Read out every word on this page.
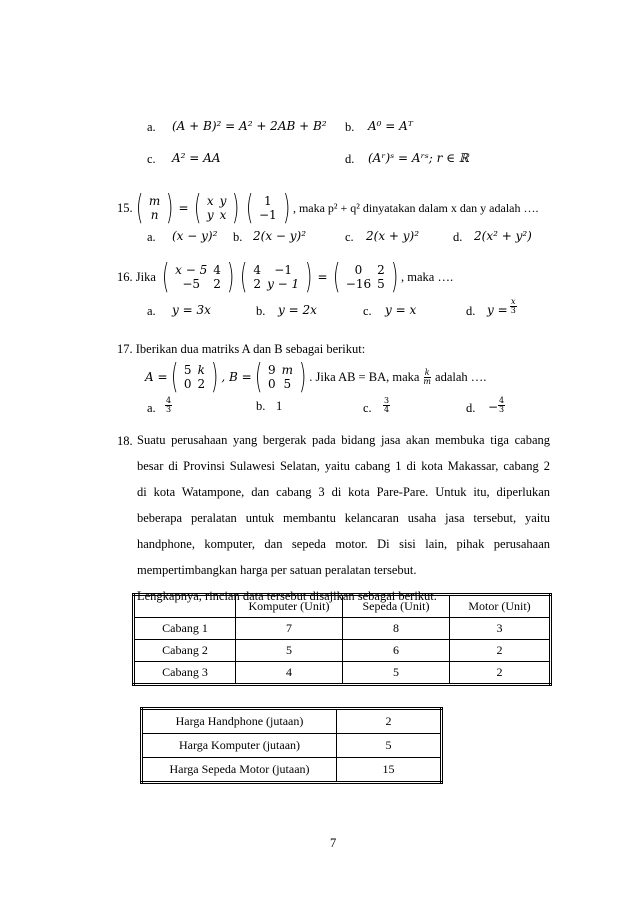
a. (A + B)² = A² + 2AB + B² b. A⁰ = Aᵀ
c. A² = AA	d. (Aʳ)ˢ = Aʳˢ; r ∈ ℝ
15. ( m
n ) = ( x	y
y	x ) ( 1
−1 ) , maka p² + q² dinyatakan dalam x dan y adalah ….
a. (x − y)² b. 2(x − y)²	c. 2(x + y)²	d. 2(x² + y²)
16. Jika ( x − 5	4
−5	2 ) ( 4	−1
2	y − 1 ) = ( 0	2
−16	5 ) , maka ….
a. y = 3x	b. y = 2x	c. y = x	d. $y = \frac{x}{3}$
17. Iberikan dua matriks A dan B sebagai berikut:
A = ( 5	k
0	2 ) , B = ( 9	m
0	5 ) . Jika AB = BA, maka $\frac{k}{m}$ adalah ….
a. $\frac{4}{3}$	b. 1	c. $\frac{3}{4}$	d. − $\frac{4}{3}$
18. Suatu perusahaan yang bergerak pada bidang jasa akan membuka tiga cabang
besar di Provinsi Sulawesi Selatan, yaitu cabang 1 di kota Makassar, cabang 2
di kota Watampone, dan cabang 3 di kota Pare-Pare. Untuk itu, diperlukan
beberapa peralatan untuk membantu kelancaran usaha jasa tersebut, yaitu
handphone, komputer, dan sepeda motor. Di sisi lain, pihak perusahaan
mempertimbangkan harga per satuan peralatan tersebut.
Lengkapnya, rincian data tersebut disajikan sebagai berikut.
	Komputer (Unit)	Sepeda (Unit)	Motor (Unit)
Cabang 1	7	8	3
Cabang 2	5	6	2
Cabang 3	4	5	2
Harga Handphone (jutaan)	2
Harga Komputer (jutaan)	5
Harga Sepeda Motor (jutaan)	15
7
